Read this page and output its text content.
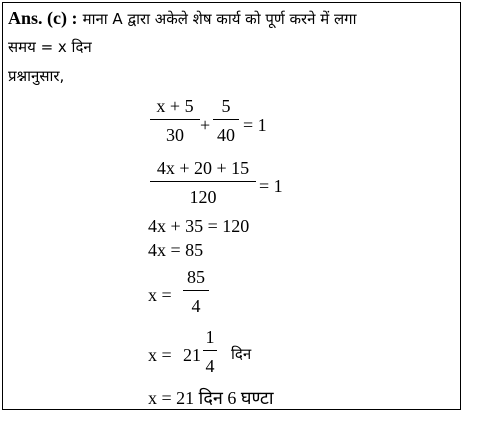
Ans. (c) : माना A द्वारा अकेले शेष कार्य को पूर्ण करने में लगा
समय = x दिन
प्रश्नानुसार,
x + 5
30 +
5
40 = 1
4x + 20 + 15
120
= 1
4x + 35 = 120
4x = 85
x =
85
4
x = 21
1
4
दिन
x = 21 दिन 6 घण्टा
